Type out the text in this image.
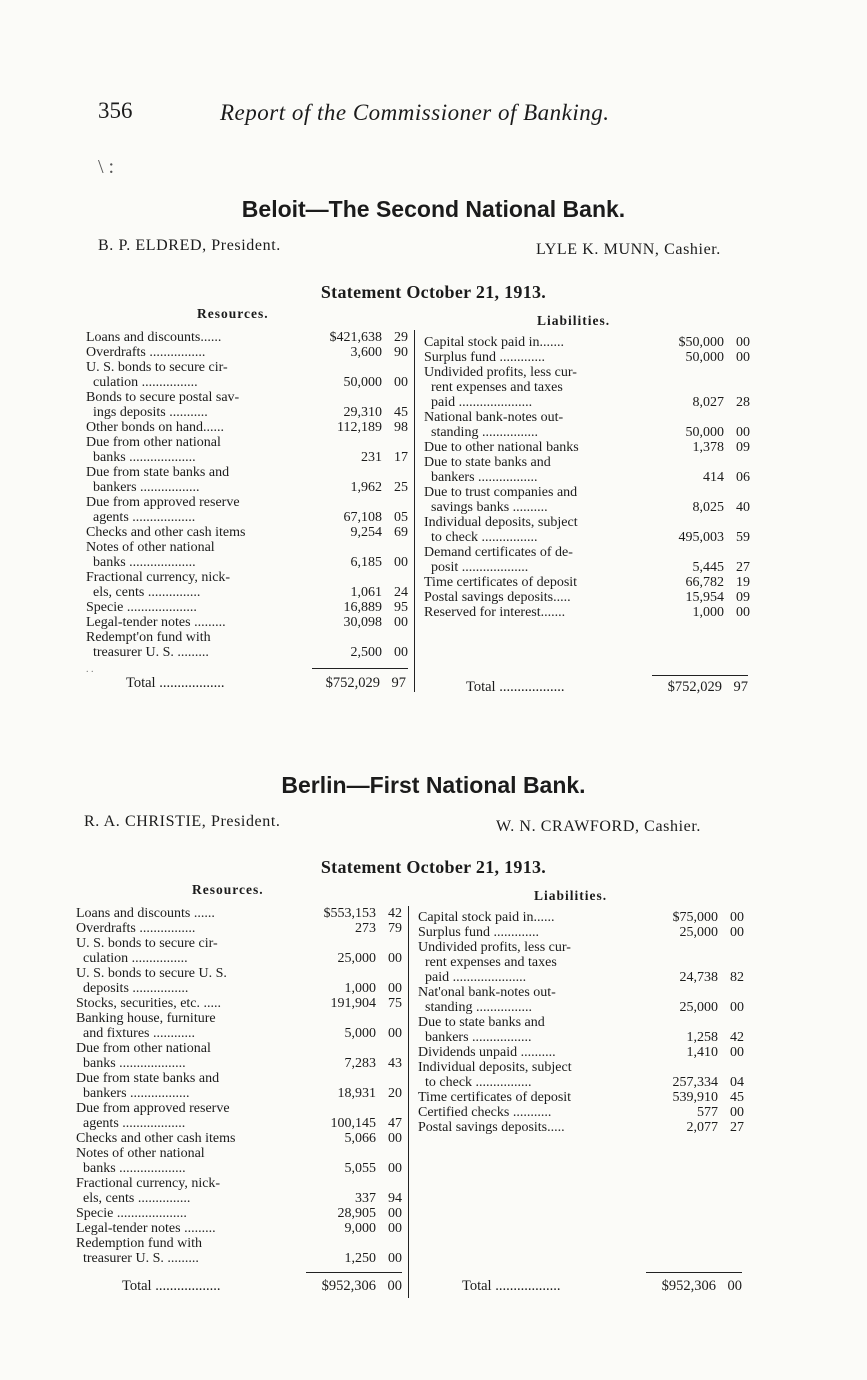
356	Report of the Commissioner of Banking.
\ :
Beloit—The Second National Bank.
B. P. ELDRED, President.	LYLE K. MUNN, Cashier.
Statement October 21, 1913.
Resources.	Liabilities.
Loans and discounts......	$421,638 29
Overdrafts ................	3,600 90
U. S. bonds to secure cir-
culation ................	50,000 00
Bonds to secure postal sav-
ings deposits ...........	29,310 45
Other bonds on hand......	112,189 98
Due from other national
banks ...................	231 17
Due from state banks and
bankers .................	1,962 25
Due from approved reserve
agents ..................	67,108 05
Checks and other cash items	9,254 69
Notes of other national
banks ...................	6,185 00
Fractional currency, nick-
els, cents ...............	1,061 24
Specie ....................	16,889 95
Legal-tender notes .........	30,098 00
Redempt'on fund with
treasurer U. S. .........	2,500 00
Capital stock paid in.......	$50,000 00
Surplus fund .............	50,000 00
Undivided profits, less cur-
rent expenses and taxes
paid .....................	8,027 28
National bank-notes out-
standing ................	50,000 00
Due to other national banks	1,378 09
Due to state banks and
bankers .................	414 06
Due to trust companies and
savings banks ..........	8,025 40
Individual deposits, subject
to check ................	495,003 59
Demand certificates of de-
posit ...................	5,445 27
Time certificates of deposit	66,782 19
Postal savings deposits.....	15,954 09
Reserved for interest.......	1,000 00
. .
Total ..................	$752,029 97	Total ..................	$752,029 97
Berlin—First National Bank.
R. A. CHRISTIE, President.	W. N. CRAWFORD, Cashier.
Statement October 21, 1913.
Resources.	Liabilities.
Loans and discounts ......	$553,153 42
Overdrafts ................	273 79
U. S. bonds to secure cir-
culation ................	25,000 00
U. S. bonds to secure U. S.
deposits ................	1,000 00
Stocks, securities, etc. .....	191,904 75
Banking house, furniture
and fixtures ............	5,000 00
Due from other national
banks ...................	7,283 43
Due from state banks and
bankers .................	18,931 20
Due from approved reserve
agents ..................	100,145 47
Checks and other cash items	5,066 00
Notes of other national
banks ...................	5,055 00
Fractional currency, nick-
els, cents ...............	337 94
Specie ....................	28,905 00
Legal-tender notes .........	9,000 00
Redemption fund with
treasurer U. S. .........	1,250 00
Capital stock paid in......	$75,000 00
Surplus fund .............	25,000 00
Undivided profits, less cur-
rent expenses and taxes
paid .....................	24,738 82
Nat'onal bank-notes out-
standing ................	25,000 00
Due to state banks and
bankers .................	1,258 42
Dividends unpaid ..........	1,410 00
Individual deposits, subject
to check ................	257,334 04
Time certificates of deposit	539,910 45
Certified checks ...........	577 00
Postal savings deposits.....	2,077 27
Total ..................	$952,306 00	Total ..................	$952,306 00
